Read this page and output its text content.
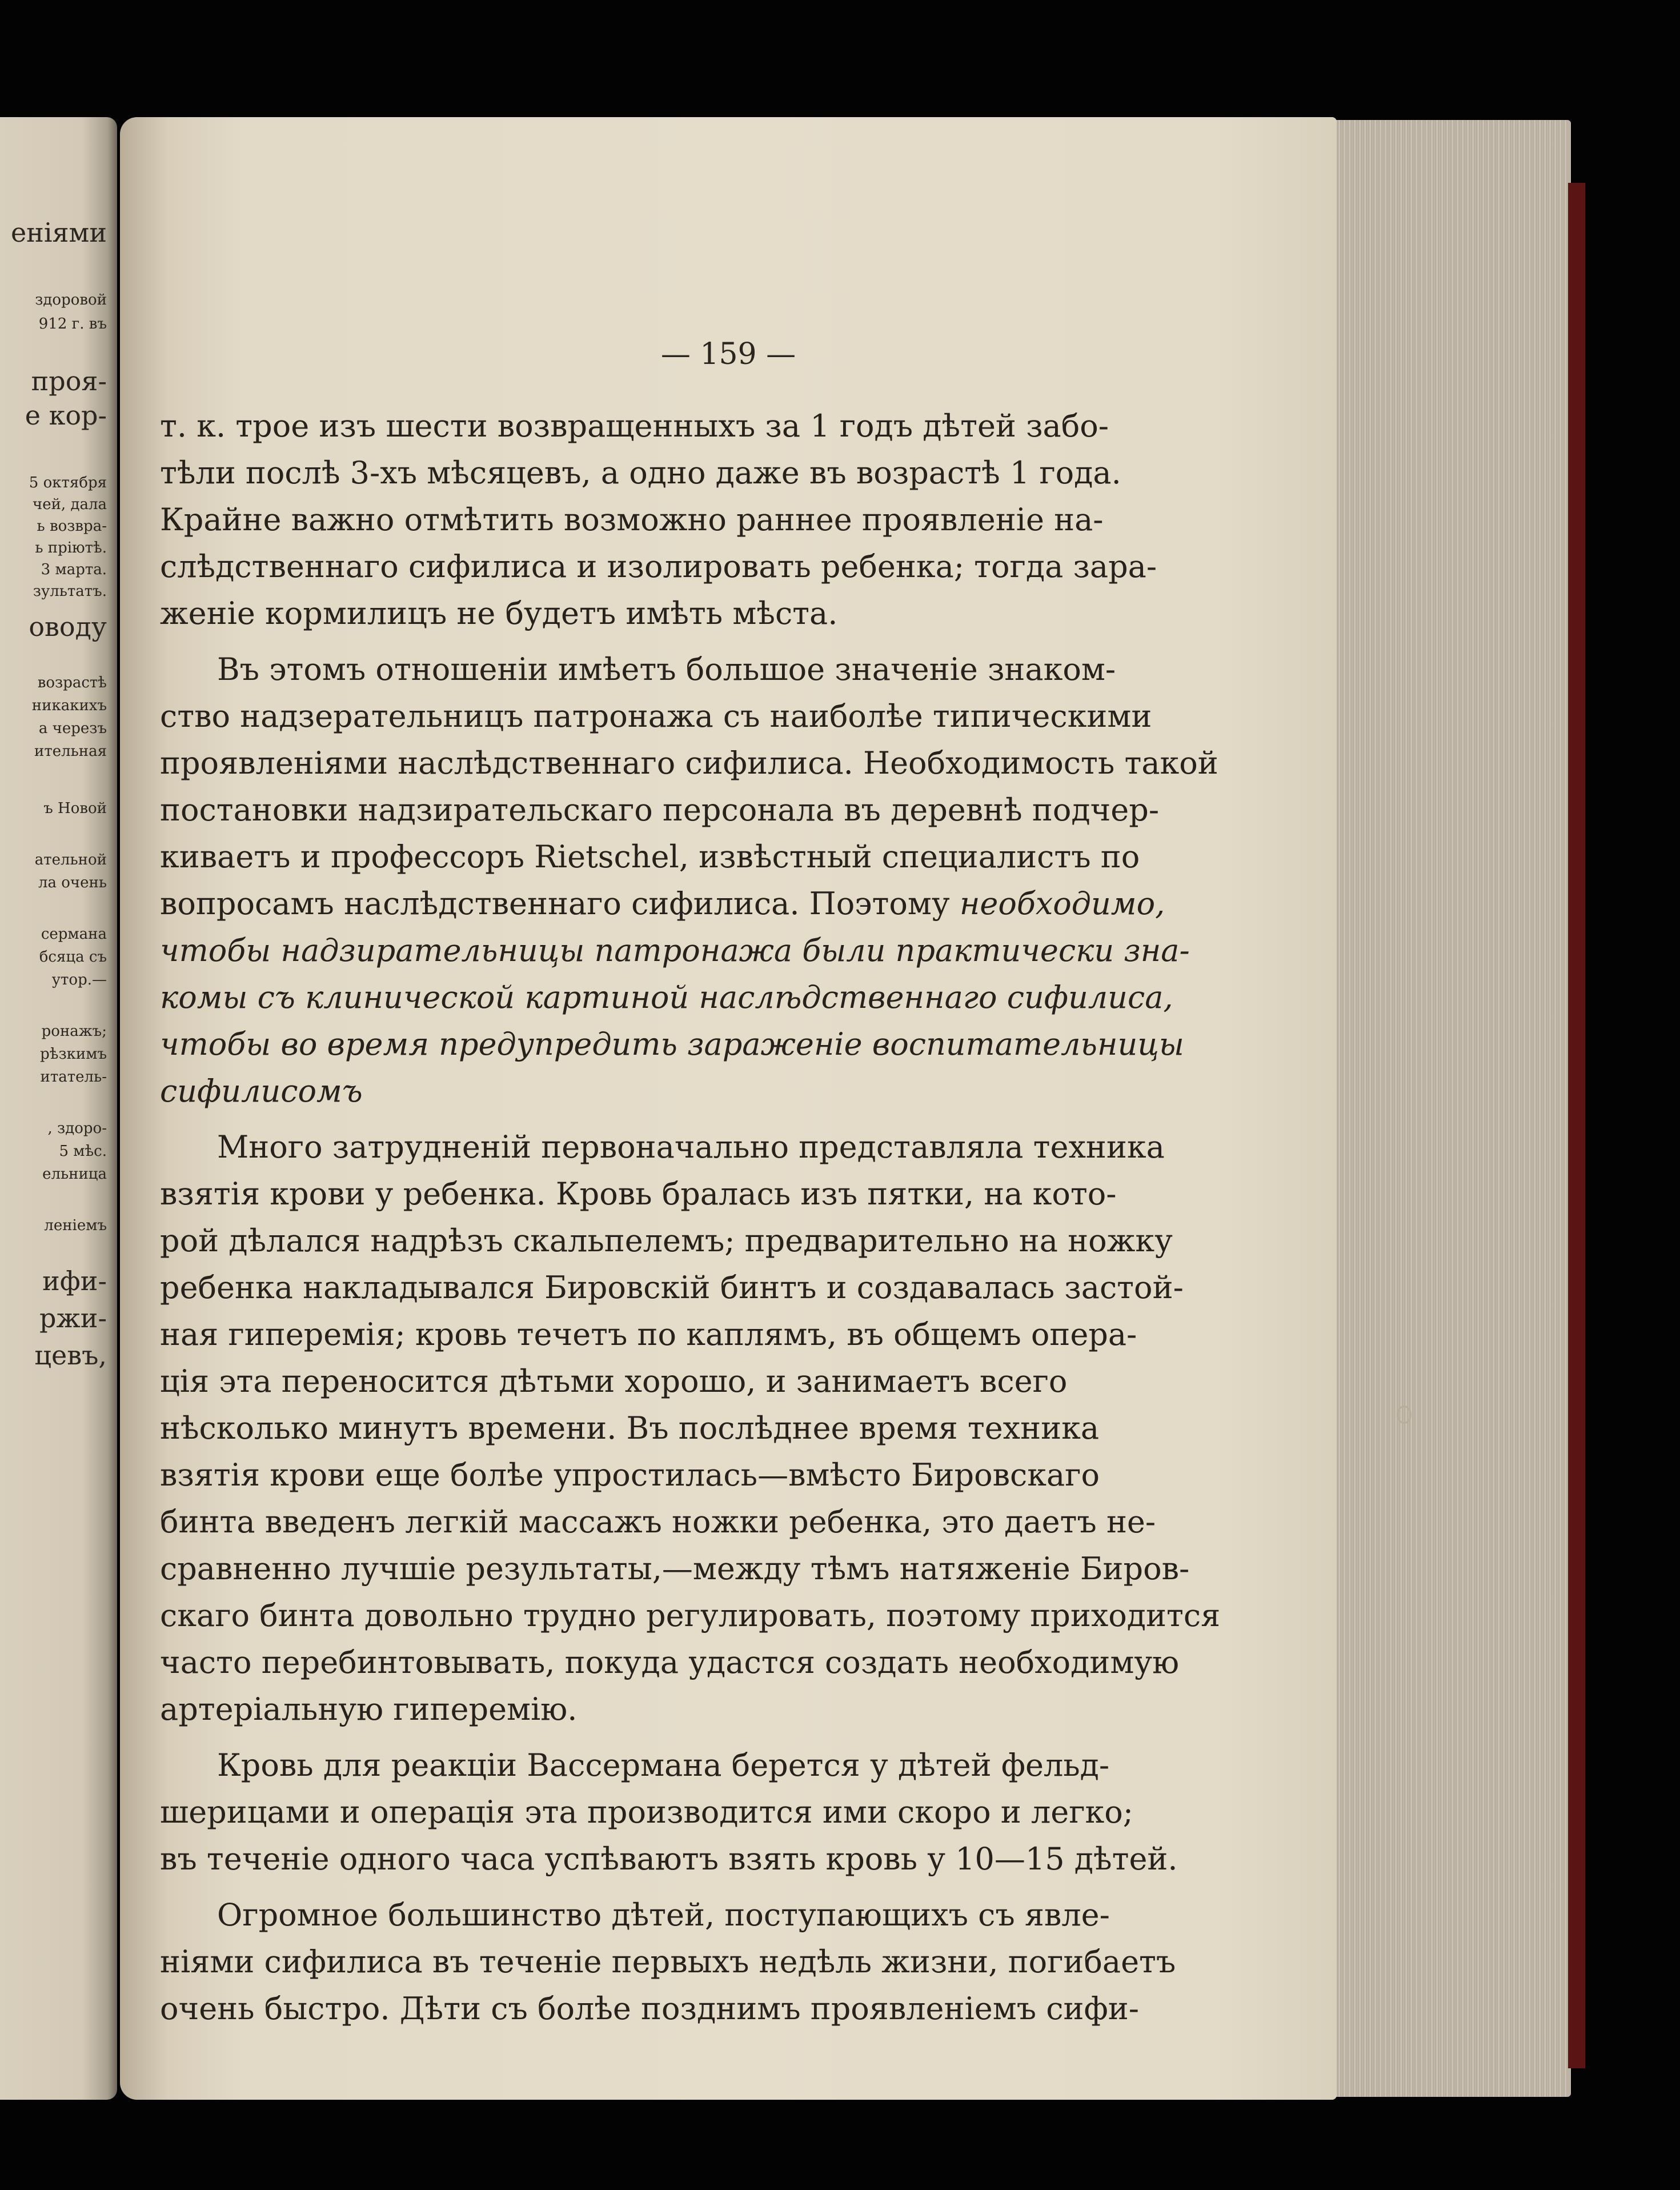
еніями
здоровой
912 г. въ
проя-
е кор-
5 октября
чей, дала
ь возвра-
ь пріютѣ.
3 марта.
зультатъ.
оводу
возрастѣ
никакихъ
а черезъ
ительная
ъ Новой
ательной
ла очень
сермана
бсяца съ
утор.—
ронажъ;
рѣзкимъ
итатель-
, здоро-
5 мѣс.
ельница
леніемъ
ифи-
ржи-
цевъ,
— 159 —

т. к. трое изъ шести возвращенныхъ за 1 годъ дѣтей забо-
тѣли послѣ 3-хъ мѣсяцевъ, а одно даже въ возрастѣ 1 года.
Крайне важно отмѣтить возможно раннее проявленіе на-
слѣдственнаго сифилиса и изолировать ребенка; тогда зара-
женіе кормилицъ не будетъ имѣть мѣста.

Въ этомъ отношеніи имѣетъ большое значеніе знаком-
ство надзерательницъ патронажа съ наиболѣе типическими
проявленіями наслѣдственнаго сифилиса. Необходимость такой
постановки надзирательскаго персонала въ деревнѣ подчер-
киваетъ и профессоръ Rietschel, извѣстный специалистъ по
вопросамъ наслѣдственнаго сифилиса. Поэтому необходимо,
чтобы надзирательницы патронажа были практически зна-
комы съ клинической картиной наслѣдственнаго сифилиса,
чтобы во время предупредить зараженіе воспитательницы
сифилисомъ

Много затрудненій первоначально представляла техника
взятія крови у ребенка. Кровь бралась изъ пятки, на кото-
рой дѣлался надрѣзъ скальпелемъ; предварительно на ножку
ребенка накладывался Бировскій бинтъ и создавалась застой-
ная гиперемія; кровь течетъ по каплямъ, въ общемъ опера-
ція эта переносится дѣтьми хорошо, и занимаетъ всего
нѣсколько минутъ времени. Въ послѣднее время техника
взятія крови еще болѣе упростилась—вмѣсто Бировскаго
бинта введенъ легкій массажъ ножки ребенка, это даетъ не-
сравненно лучшіе результаты,—между тѣмъ натяженіе Биров-
скаго бинта довольно трудно регулировать, поэтому приходится
часто перебинтовывать, покуда удастся создать необходимую
артеріальную гиперемію.

Кровь для реакціи Вассермана берется у дѣтей фельд-
шерицами и операція эта производится ими скоро и легко;
въ теченіе одного часа успѣваютъ взять кровь у 10—15 дѣтей.

Огромное большинство дѣтей, поступающихъ съ явле-
ніями сифилиса въ теченіе первыхъ недѣль жизни, погибаетъ
очень быстро. Дѣти съ болѣе позднимъ проявленіемъ сифи-
